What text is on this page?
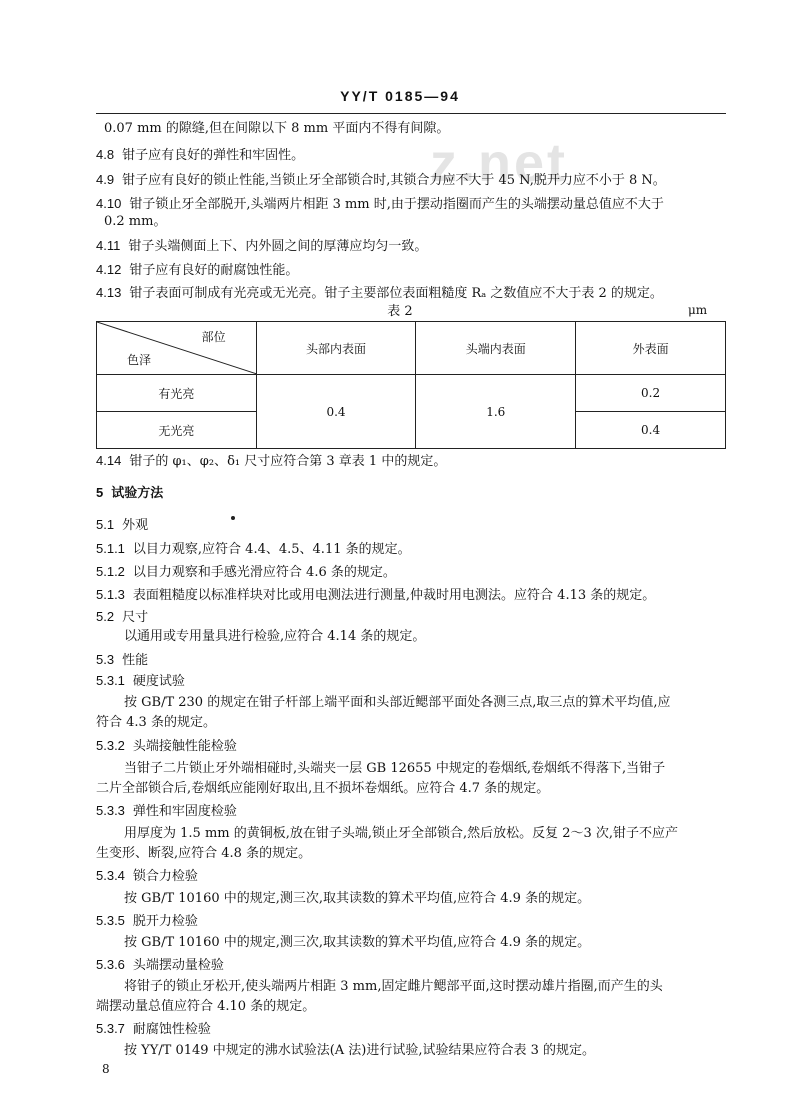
z.net
YY/T 0185—94
0.07 mm 的隙缝,但在间隙以下 8 mm 平面内不得有间隙。
4.8 钳子应有良好的弹性和牢固性。
4.9 钳子应有良好的锁止性能,当锁止牙全部锁合时,其锁合力应不大于 45 N,脱开力应不小于 8 N。
4.10 钳子锁止牙全部脱开,头端两片相距 3 mm 时,由于摆动指圈而产生的头端摆动量总值应不大于
0.2 mm。
4.11 钳子头端侧面上下、内外圆之间的厚薄应均匀一致。
4.12 钳子应有良好的耐腐蚀性能。
4.13 钳子表面可制成有光亮或无光亮。钳子主要部位表面粗糙度 Rₐ 之数值应不大于表 2 的规定。
表 2	μm
部位
色泽	头部内表面	头端内表面	外表面
有光亮	0.4	1.6	0.2
无光亮			0.4
4.14 钳子的 φ₁、φ₂、δ₁ 尺寸应符合第 3 章表 1 中的规定。
5 试验方法
5.1 外观
5.1.1 以目力观察,应符合 4.4、4.5、4.11 条的规定。
5.1.2 以目力观察和手感光滑应符合 4.6 条的规定。
5.1.3 表面粗糙度以标准样块对比或用电测法进行测量,仲裁时用电测法。应符合 4.13 条的规定。
5.2 尺寸
以通用或专用量具进行检验,应符合 4.14 条的规定。
5.3 性能
5.3.1 硬度试验
按 GB/T 230 的规定在钳子杆部上端平面和头部近鳃部平面处各测三点,取三点的算术平均值,应
符合 4.3 条的规定。
5.3.2 头端接触性能检验
当钳子二片锁止牙外端相碰时,头端夹一层 GB 12655 中规定的卷烟纸,卷烟纸不得落下,当钳子
二片全部锁合后,卷烟纸应能刚好取出,且不损坏卷烟纸。应符合 4.7 条的规定。
5.3.3 弹性和牢固度检验
用厚度为 1.5 mm 的黄铜板,放在钳子头端,锁止牙全部锁合,然后放松。反复 2～3 次,钳子不应产
生变形、断裂,应符合 4.8 条的规定。
5.3.4 锁合力检验
按 GB/T 10160 中的规定,测三次,取其读数的算术平均值,应符合 4.9 条的规定。
5.3.5 脱开力检验
按 GB/T 10160 中的规定,测三次,取其读数的算术平均值,应符合 4.9 条的规定。
5.3.6 头端摆动量检验
将钳子的锁止牙松开,使头端两片相距 3 mm,固定雌片鳃部平面,这时摆动雄片指圈,而产生的头
端摆动量总值应符合 4.10 条的规定。
5.3.7 耐腐蚀性检验
按 YY/T 0149 中规定的沸水试验法(A 法)进行试验,试验结果应符合表 3 的规定。
8
